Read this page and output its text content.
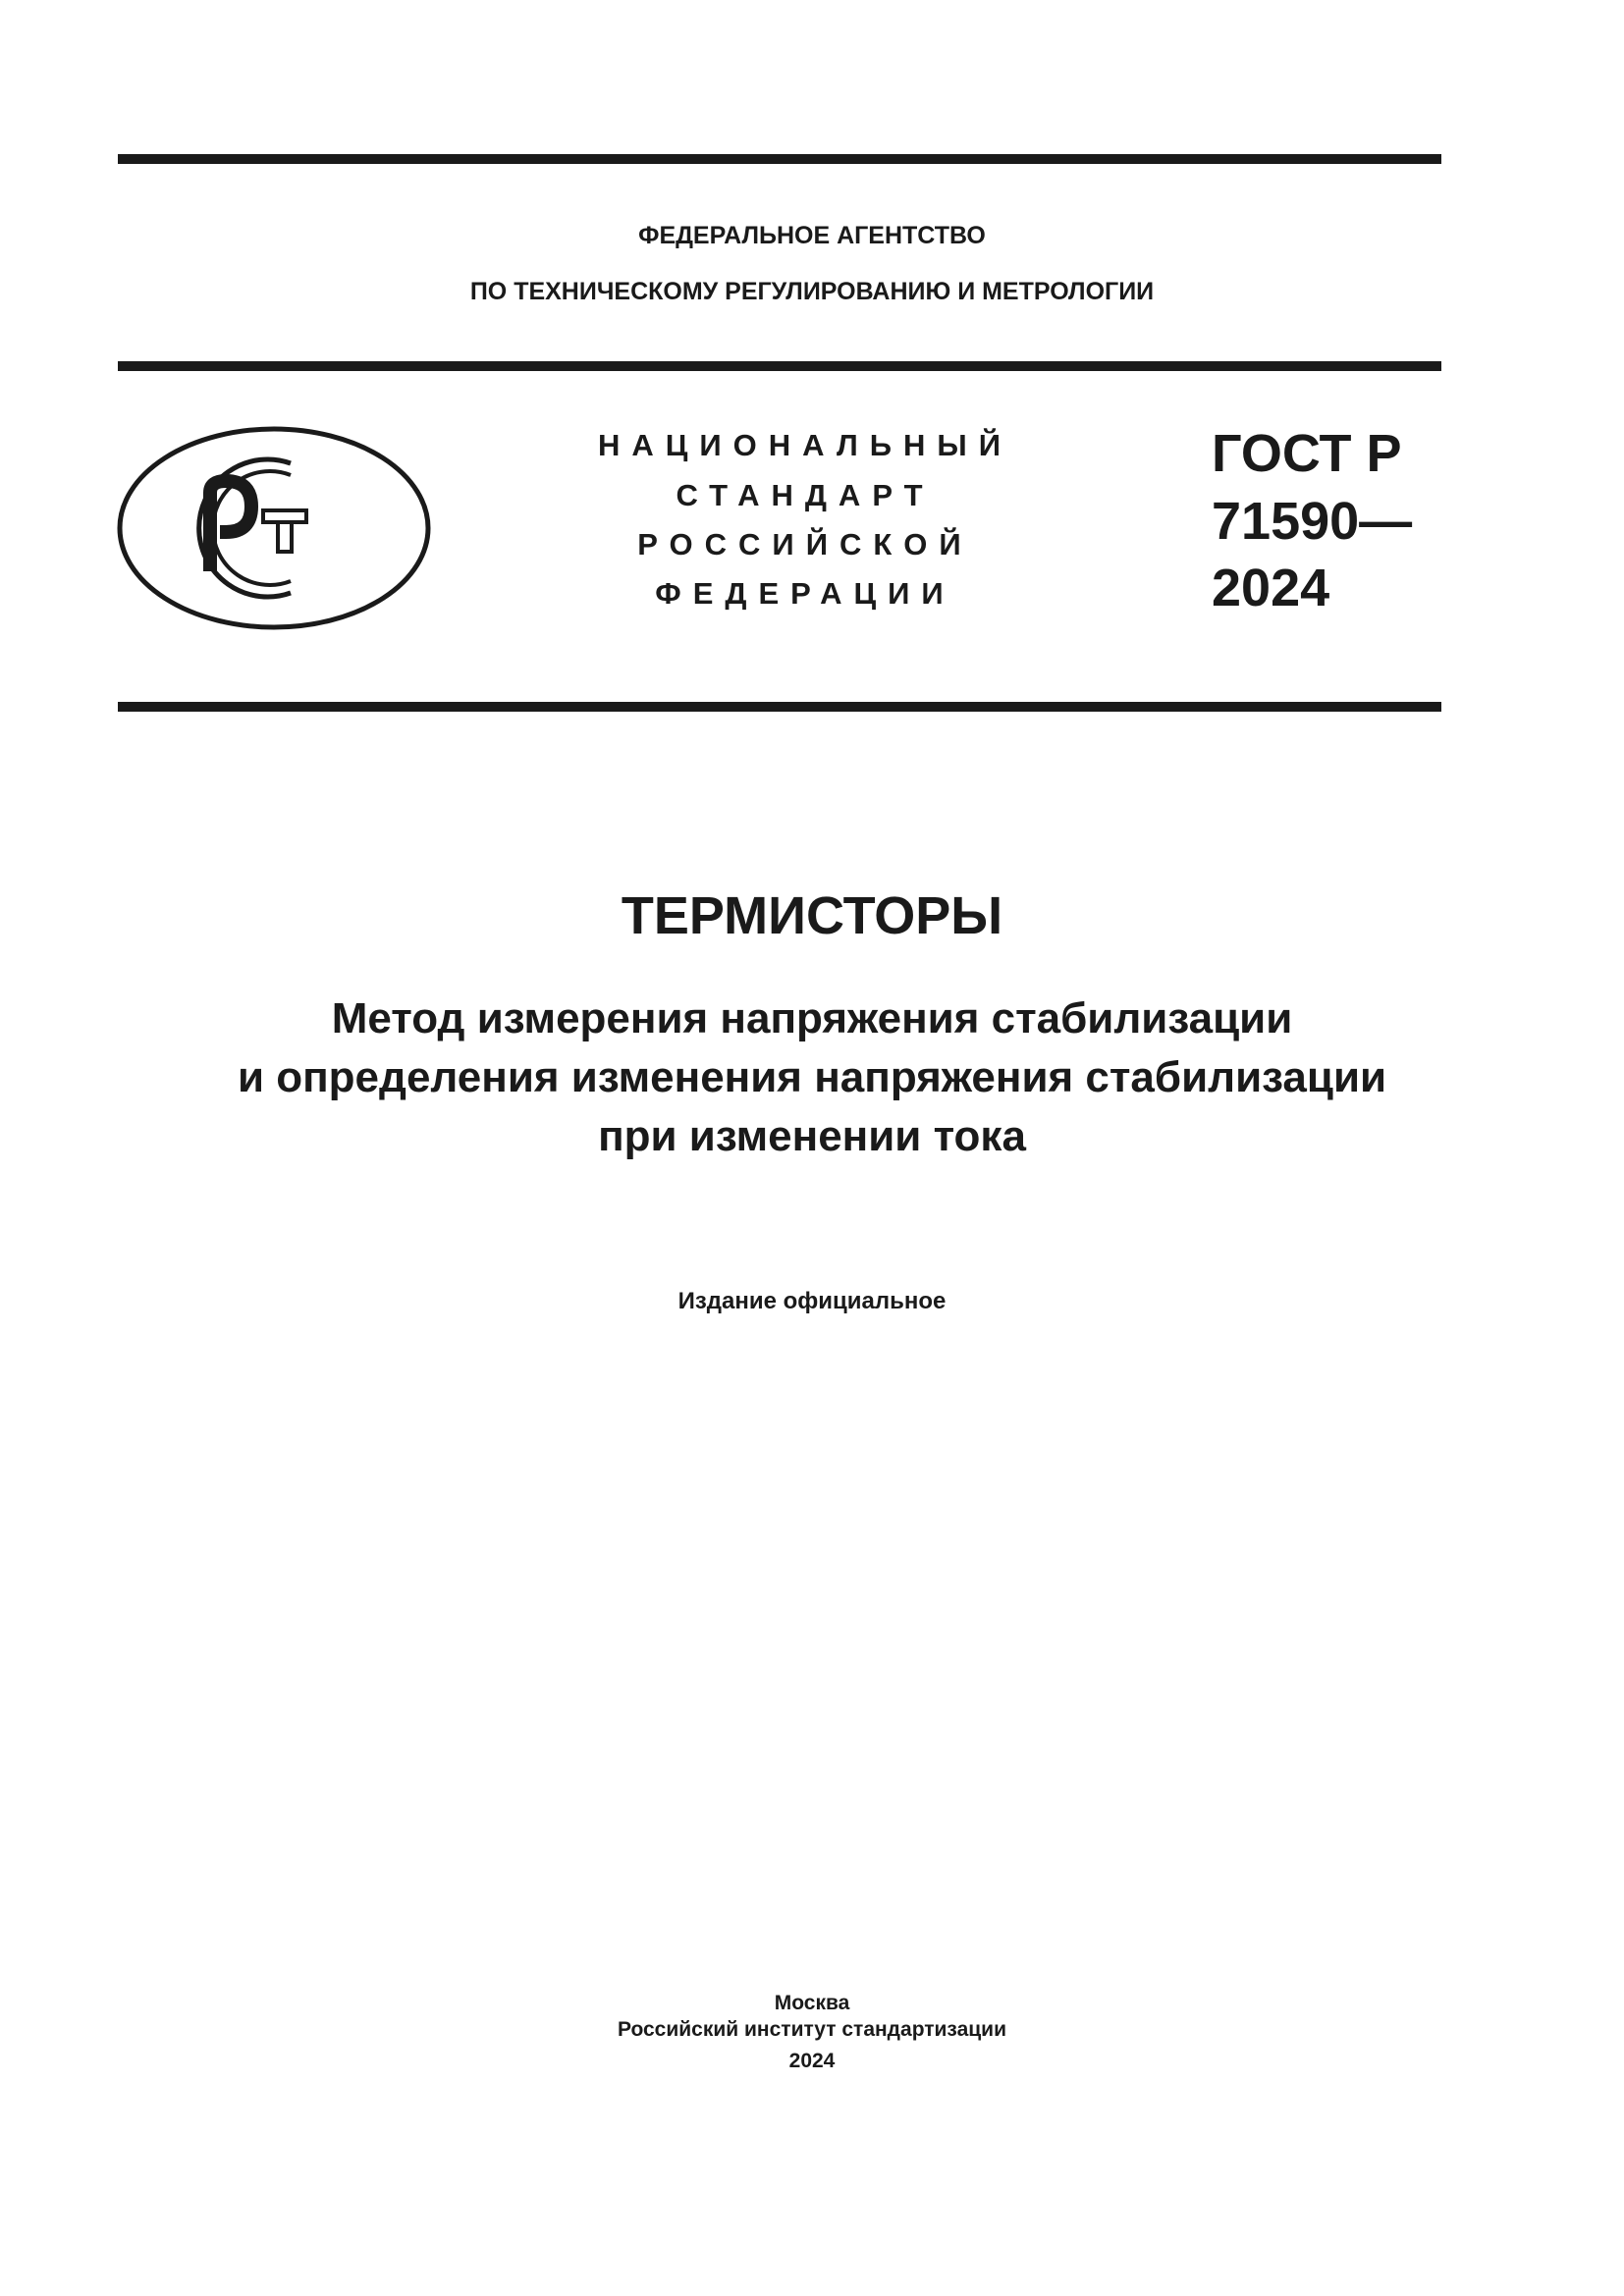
ФЕДЕРАЛЬНОЕ АГЕНТСТВО
ПО ТЕХНИЧЕСКОМУ РЕГУЛИРОВАНИЮ И МЕТРОЛОГИИ
НАЦИОНАЛЬНЫЙ
СТАНДАРТ
РОССИЙСКОЙ
ФЕДЕРАЦИИ
ГОСТ Р
71590—
2024
ТЕРМИСТОРЫ
Метод измерения напряжения стабилизации
и определения изменения напряжения стабилизации
при изменении тока
Издание официальное
Москва
Российский институт стандартизации
2024
